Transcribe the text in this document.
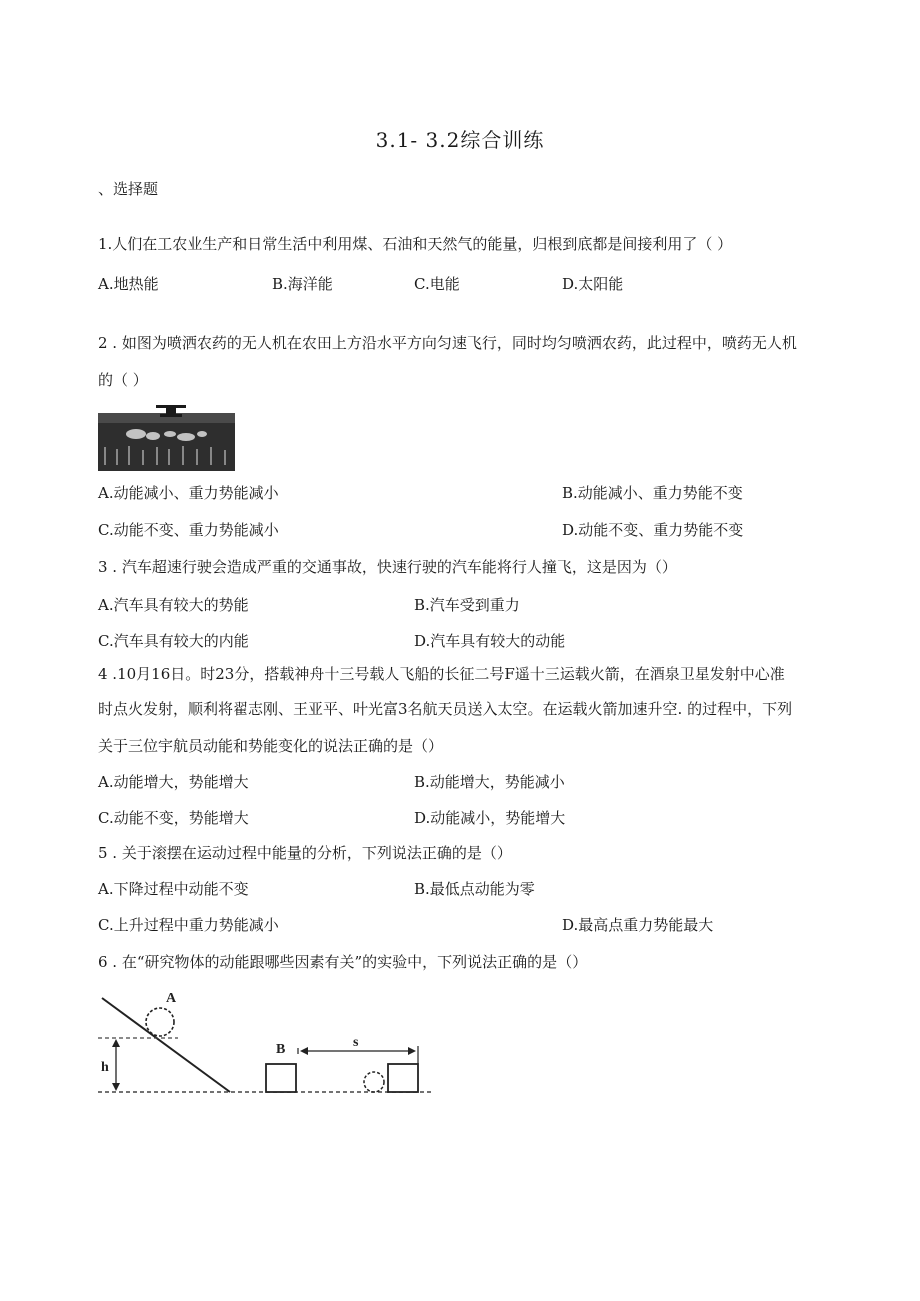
3.1- 3.2综合训练
、选择题
1.人们在工农业生产和日常生活中利用煤、石油和天然气的能量，归根到底都是间接利用了（ ）
A.地热能	B.海洋能	C.电能	D.太阳能
2 . 如图为喷洒农药的无人机在农田上方沿水平方向匀速飞行，同时均匀喷洒农药，此过程中，喷药无人机
的（ ）
A.动能减小、重力势能减小	B.动能减小、重力势能不变
C.动能不变、重力势能减小	D.动能不变、重力势能不变
3 . 汽车超速行驶会造成严重的交通事故，快速行驶的汽车能将行人撞飞，这是因为（）
A.汽车具有较大的势能	B.汽车受到重力
C.汽车具有较大的内能	D.汽车具有较大的动能
4 .10月16日。时23分，搭载神舟十三号载人飞船的长征二号F遥十三运载火箭，在酒泉卫星发射中心准
时点火发射，顺利将翟志刚、王亚平、叶光富3名航天员送入太空。在运载火箭加速升空. 的过程中，下列
关于三位宇航员动能和势能变化的说法正确的是（）
A.动能增大，势能增大	B.动能增大，势能减小
C.动能不变，势能增大	D.动能减小，势能增大
5 . 关于滚摆在运动过程中能量的分析，下列说法正确的是（）
A.下降过程中动能不变	B.最低点动能为零
C.上升过程中重力势能减小	D.最高点重力势能最大
6 . 在“研究物体的动能跟哪些因素有关”的实验中，下列说法正确的是（）
A
h
B	s
